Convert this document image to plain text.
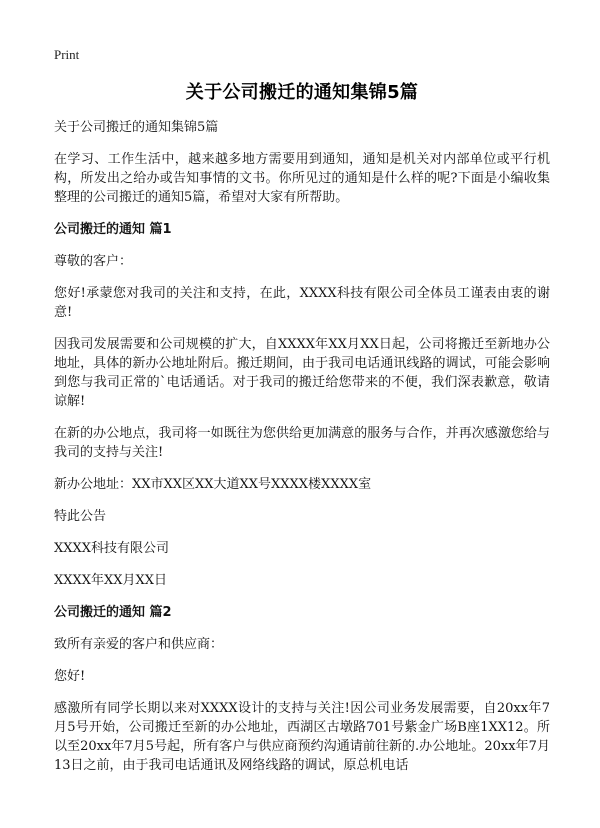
Print
关于公司搬迁的通知集锦5篇

关于公司搬迁的通知集锦5篇

在学习、工作生活中，越来越多地方需要用到通知，通知是机关对内部单位或平行机构，所发出之给办或告知事情的文书。你所见过的通知是什么样的呢?下面是小编收集整理的公司搬迁的通知5篇，希望对大家有所帮助。

公司搬迁的通知 篇1

尊敬的客户：

您好!承蒙您对我司的关注和支持，在此，XXXX科技有限公司全体员工谨表由衷的谢意!

因我司发展需要和公司规模的扩大，自XXXX年XX月XX日起，公司将搬迁至新地办公地址，具体的新办公地址附后。搬迁期间，由于我司电话通讯线路的调试，可能会影响到您与我司正常的`电话通话。对于我司的搬迁给您带来的不便，我们深表歉意，敬请谅解!

在新的办公地点，我司将一如既往为您供给更加满意的服务与合作，并再次感激您给与我司的支持与关注!

新办公地址：XX市XX区XX大道XX号XXXX楼XXXX室

特此公告

XXXX科技有限公司

XXXX年XX月XX日

公司搬迁的通知 篇2

致所有亲爱的客户和供应商：

您好!

感激所有同学长期以来对XXXX设计的支持与关注!因公司业务发展需要，自20xx年7月5号开始，公司搬迁至新的办公地址，西湖区古墩路701号紫金广场B座1XX12。所以至20xx年7月5号起，所有客户与供应商预约沟通请前往新的.办公地址。20xx年7月13日之前，由于我司电话通讯及网络线路的调试，原总机电话
